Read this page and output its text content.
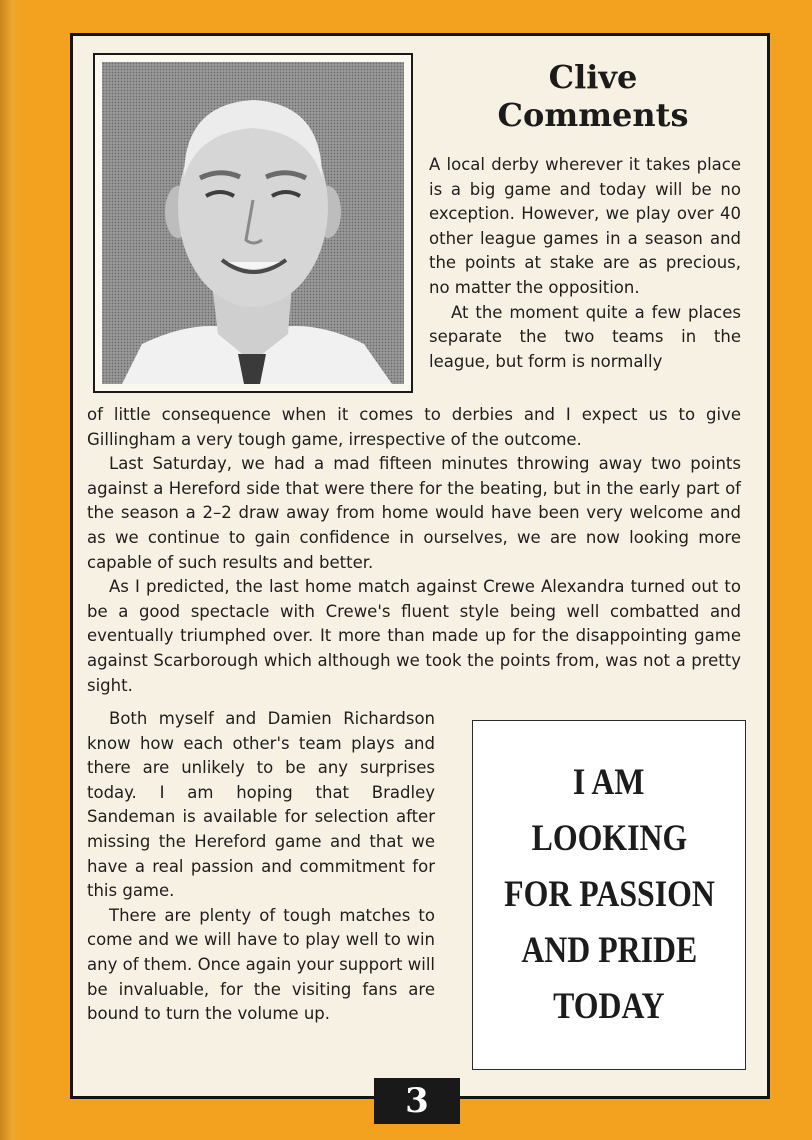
Clive
Comments

A local derby wherever it takes place is a big game and today will be no exception. However, we play over 40 other league games in a season and the points at stake are as precious, no matter the opposition.

At the moment quite a few places separate the two teams in the league, but form is normally

of little consequence when it comes to derbies and I expect us to give Gillingham a very tough game, irrespective of the outcome.

Last Saturday, we had a mad fifteen minutes throwing away two points against a Hereford side that were there for the beating, but in the early part of the season a 2–2 draw away from home would have been very welcome and as we continue to gain confidence in ourselves, we are now looking more capable of such results and better.

As I predicted, the last home match against Crewe Alexandra turned out to be a good spectacle with Crewe's fluent style being well combatted and eventually triumphed over. It more than made up for the disappointing game against Scarborough which although we took the points from, was not a pretty sight.

Both myself and Damien Richardson know how each other's team plays and there are unlikely to be any surprises today. I am hoping that Bradley Sandeman is available for selection after missing the Hereford game and that we have a real passion and commitment for this game.

There are plenty of tough matches to come and we will have to play well to win any of them. Once again your support will be invaluable, for the visiting fans are bound to turn the volume up.

I AM
LOOKING
FOR PASSION
AND PRIDE
TODAY
3
